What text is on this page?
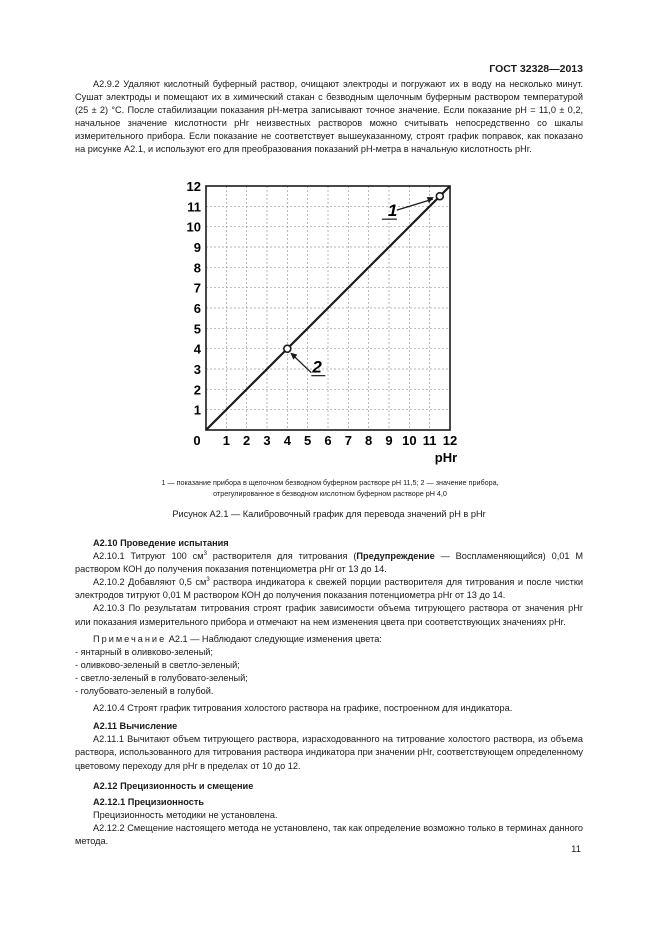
ГОСТ 32328—2013

А2.9.2 Удаляют кислотный буферный раствор, очищают электроды и погружают их в воду на несколько минут. Сушат электроды и помещают их в химический стакан с безводным щелочным буферным раствором температурой (25 ± 2) °С. После стабилизации показания рН-метра записывают точное значение. Если показание рН = 11,0 ± 0,2, начальное значение кислотности рНr неизвестных растворов можно считывать непосредственно со шкалы измерительного прибора. Если показание не соответствует вышеуказанному, строят график поправок, как показано на рисунке А2.1, и используют его для преобразования показаний рН-метра в начальную кислотность рНr.

0 1 2 3 4 5 6 7 8 9 10 11 12
1
2
3
4
5
6
7
8
9
10
11
12
1
2
pHr
1 — показание прибора в щелочном безводном буферном растворе рН 11,5; 2 — значение прибора,
отрегулированное в безводном кислотном буферном растворе рН 4,0
Рисунок А2.1 — Калибровочный график для перевода значений рН в рНr

А2.10 Проведение испытания

А2.10.1 Титруют 100 $см^3$ растворителя для титрования (Предупреждение — Воспламеняющийся) 0,01 М раствором КОН до получения показания потенциометра рНr от 13 до 14.

А2.10.2 Добавляют 0,5 $см^3$ раствора индикатора к свежей порции растворителя для титрования и после чистки электродов титруют 0,01 М раствором КОН до получения показания потенциометра рНr от 13 до 14.

А2.10.3 По результатам титрования строят график зависимости объема титрующего раствора от значения рНr или показания измерительного прибора и отмечают на нем изменения цвета при соответствующих значениях рНr.

Примечание А2.1 — Наблюдают следующие изменения цвета:

- янтарный в оливково-зеленый;

- оливково-зеленый в светло-зеленый;

- светло-зеленый в голубовато-зеленый;

- голубовато-зеленый в голубой.

А2.10.4 Строят график титрования холостого раствора на графике, построенном для индикатора.

А2.11 Вычисление

А2.11.1 Вычитают объем титрующего раствора, израсходованного на титрование холостого раствора, из объема раствора, использованного для титрования раствора индикатора при значении рНr, соответствующем определенному цветовому переходу для рНr в пределах от 10 до 12.

А2.12 Прецизионность и смещение

А2.12.1 Прецизионность

Прецизионность методики не установлена.

А2.12.2 Смещение настоящего метода не установлено, так как определение возможно только в терминах данного метода.

11
